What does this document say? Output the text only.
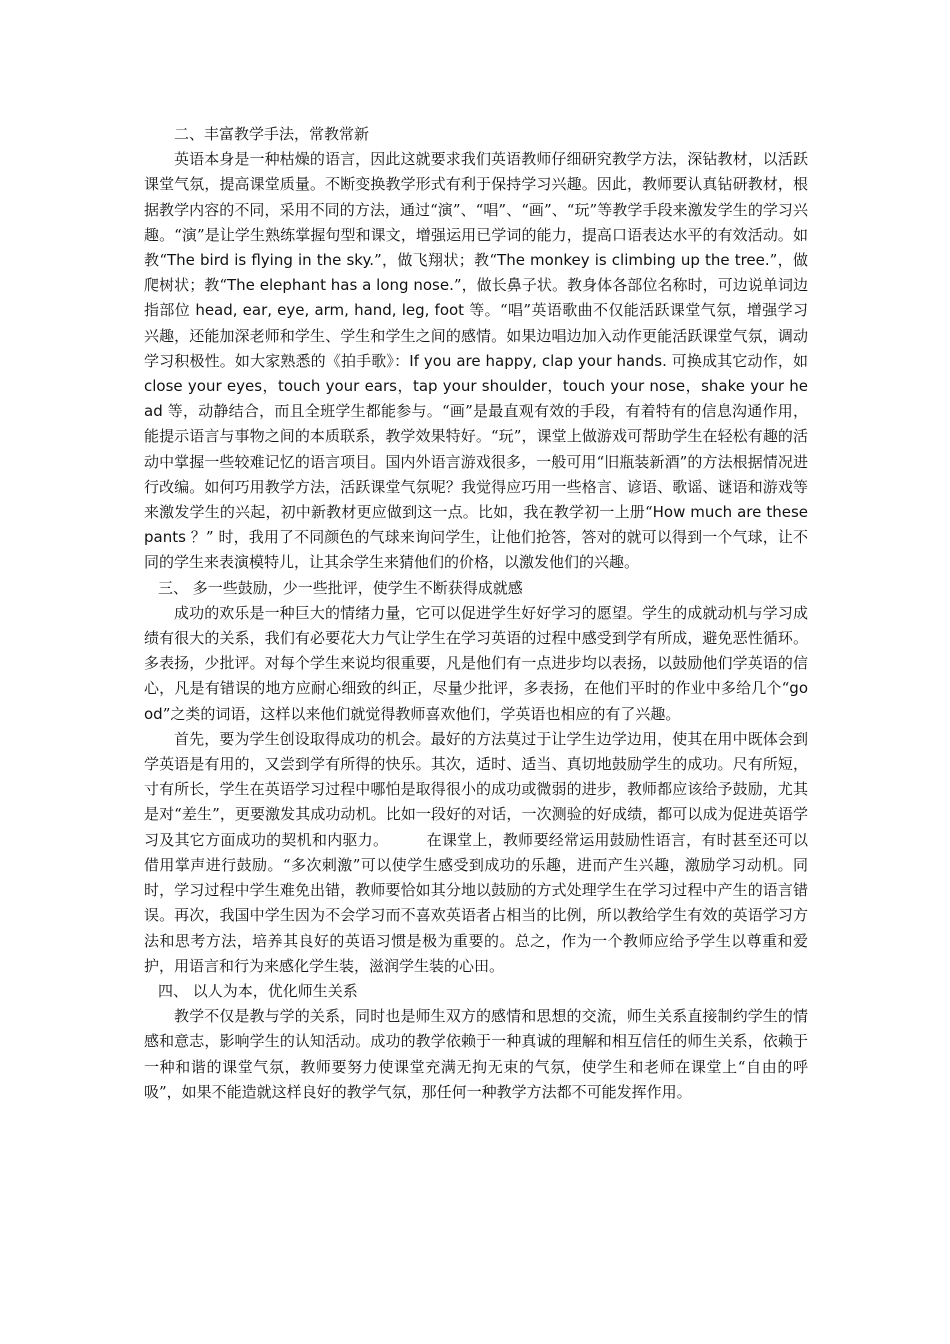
二、丰富教学手法，常教常新

英语本身是一种枯燥的语言，因此这就要求我们英语教师仔细研究教学方法，深钻教材，以活跃课堂气氛，提高课堂质量。不断变换教学形式有利于保持学习兴趣。因此，教师要认真钻研教材，根据教学内容的不同，采用不同的方法，通过“演”、“唱”、“画”、“玩”等教学手段来激发学生的学习兴趣。“演”是让学生熟练掌握句型和课文，增强运用已学词的能力，提高口语表达水平的有效活动。如教“The bird is flying in the sky.”，做飞翔状；教“The monkey is climbing up the tree.”，做爬树状；教“The elephant has a long nose.”，做长鼻子状。教身体各部位名称时，可边说单词边指部位 head, ear, eye, arm, hand, leg, foot 等。“唱”英语歌曲不仅能活跃课堂气氛，增强学习兴趣，还能加深老师和学生、学生和学生之间的感情。如果边唱边加入动作更能活跃课堂气氛，调动学习积极性。如大家熟悉的《拍手歌》：If you are happy, clap your hands. 可换成其它动作，如 close your eyes，touch your ears，tap your shoulder，touch your nose，shake your head 等，动静结合，而且全班学生都能参与。“画”是最直观有效的手段，有着特有的信息沟通作用，能提示语言与事物之间的本质联系，教学效果特好。“玩”，课堂上做游戏可帮助学生在轻松有趣的活动中掌握一些较难记忆的语言项目。国内外语言游戏很多，一般可用“旧瓶装新酒”的方法根据情况进行改编。如何巧用教学方法，活跃课堂气氛呢？我觉得应巧用一些格言、谚语、歌谣、谜语和游戏等来激发学生的兴起，初中新教材更应做到这一点。比如，我在教学初一上册“How much are these pants ？” 时，我用了不同颜色的气球来询问学生，让他们抢答，答对的就可以得到一个气球，让不同的学生来表演模特儿，让其余学生来猜他们的价格，以激发他们的兴趣。

三、 多一些鼓励，少一些批评，使学生不断获得成就感

成功的欢乐是一种巨大的情绪力量，它可以促进学生好好学习的愿望。学生的成就动机与学习成绩有很大的关系，我们有必要花大力气让学生在学习英语的过程中感受到学有所成，避免恶性循环。多表扬，少批评。对每个学生来说均很重要，凡是他们有一点进步均以表扬，以鼓励他们学英语的信心，凡是有错误的地方应耐心细致的纠正，尽量少批评，多表扬，在他们平时的作业中多给几个“good”之类的词语，这样以来他们就觉得教师喜欢他们，学英语也相应的有了兴趣。

首先，要为学生创设取得成功的机会。最好的方法莫过于让学生边学边用，使其在用中既体会到学英语是有用的，又尝到学有所得的快乐。其次，适时、适当、真切地鼓励学生的成功。尺有所短，寸有所长，学生在英语学习过程中哪怕是取得很小的成功或微弱的进步，教师都应该给予鼓励，尤其是对“差生”，更要激发其成功动机。比如一段好的对话，一次测验的好成绩，都可以成为促进英语学习及其它方面成功的契机和内驱力。　　　在课堂上，教师要经常运用鼓励性语言，有时甚至还可以借用掌声进行鼓励。“多次刺激”可以使学生感受到成功的乐趣，进而产生兴趣，激励学习动机。同时，学习过程中学生难免出错，教师要恰如其分地以鼓励的方式处理学生在学习过程中产生的语言错误。再次，我国中学生因为不会学习而不喜欢英语者占相当的比例，所以教给学生有效的英语学习方法和思考方法，培养其良好的英语习惯是极为重要的。总之，作为一个教师应给予学生以尊重和爱护，用语言和行为来感化学生装，滋润学生装的心田。

四、 以人为本，优化师生关系

教学不仅是教与学的关系，同时也是师生双方的感情和思想的交流，师生关系直接制约学生的情感和意志，影响学生的认知活动。成功的教学依赖于一种真诚的理解和相互信任的师生关系，依赖于一种和谐的课堂气氛，教师要努力使课堂充满无拘无束的气氛，使学生和老师在课堂上“自由的呼吸”，如果不能造就这样良好的教学气氛，那任何一种教学方法都不可能发挥作用。
